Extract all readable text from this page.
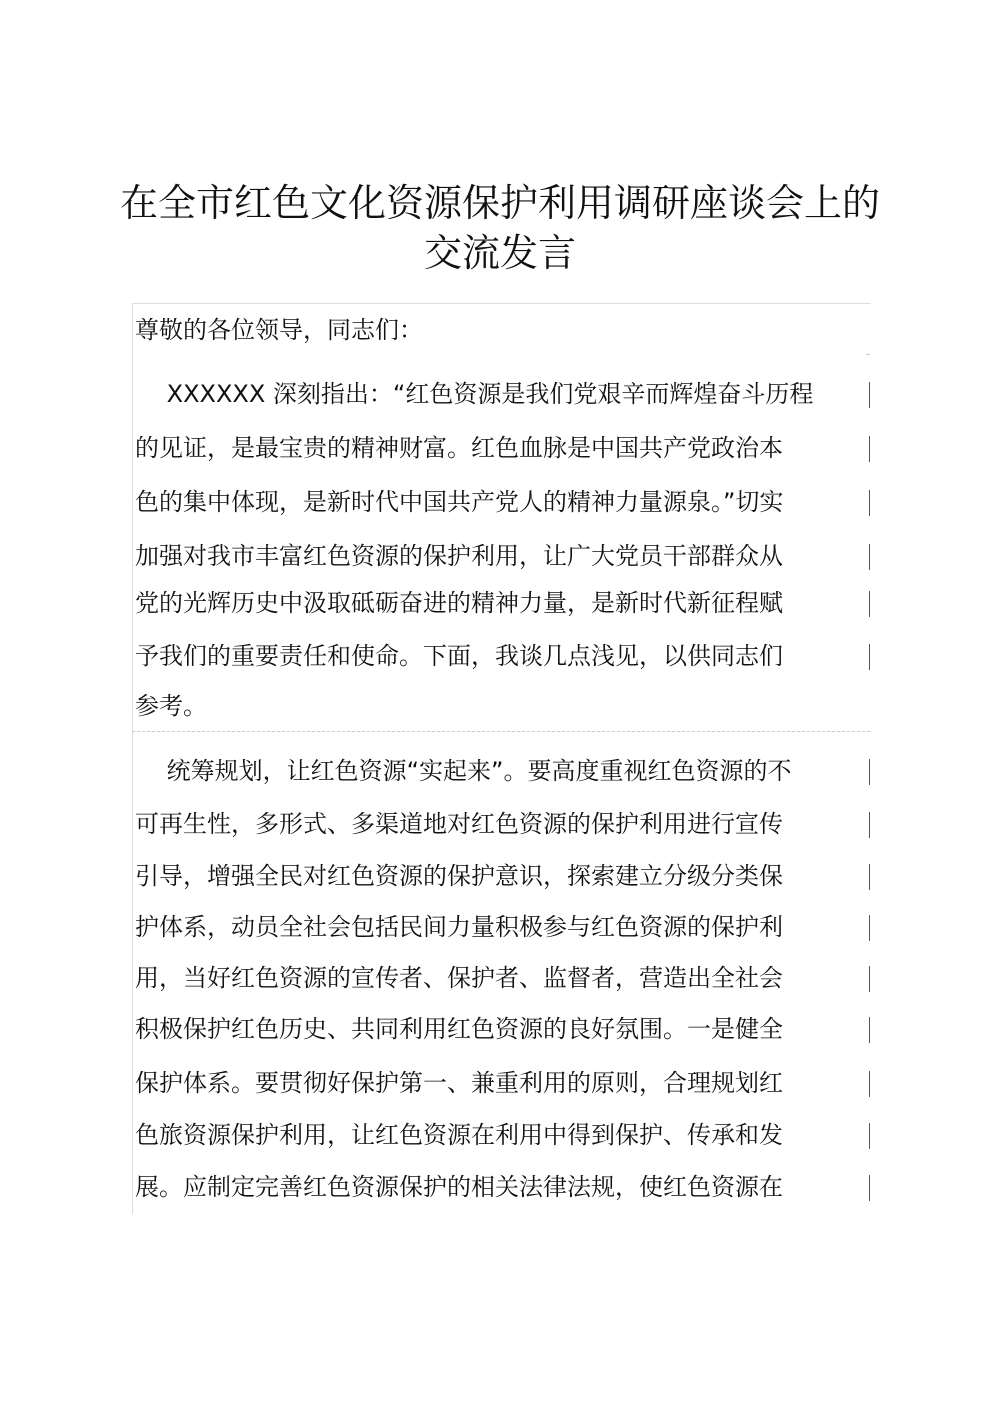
在全市红色文化资源保护利用调研座谈会上的
交流发言
尊敬的各位领导，同志们：
　 XXXXXX 深刻指出：“红色资源是我们党艰辛而辉煌奋斗历程
的见证，是最宝贵的精神财富。红色血脉是中国共产党政治本
色的集中体现，是新时代中国共产党人的精神力量源泉。”切实
加强对我市丰富红色资源的保护利用，让广大党员干部群众从
党的光辉历史中汲取砥砺奋进的精神力量，是新时代新征程赋
予我们的重要责任和使命。下面，我谈几点浅见，以供同志们
参考。
　 统筹规划，让红色资源“实起来”。要高度重视红色资源的不
可再生性，多形式、多渠道地对红色资源的保护利用进行宣传
引导，增强全民对红色资源的保护意识，探索建立分级分类保
护体系，动员全社会包括民间力量积极参与红色资源的保护利
用，当好红色资源的宣传者、保护者、监督者，营造出全社会
积极保护红色历史、共同利用红色资源的良好氛围。一是健全
保护体系。要贯彻好保护第一、兼重利用的原则，合理规划红
色旅资源保护利用，让红色资源在利用中得到保护、传承和发
展。应制定完善红色资源保护的相关法律法规，使红色资源在
